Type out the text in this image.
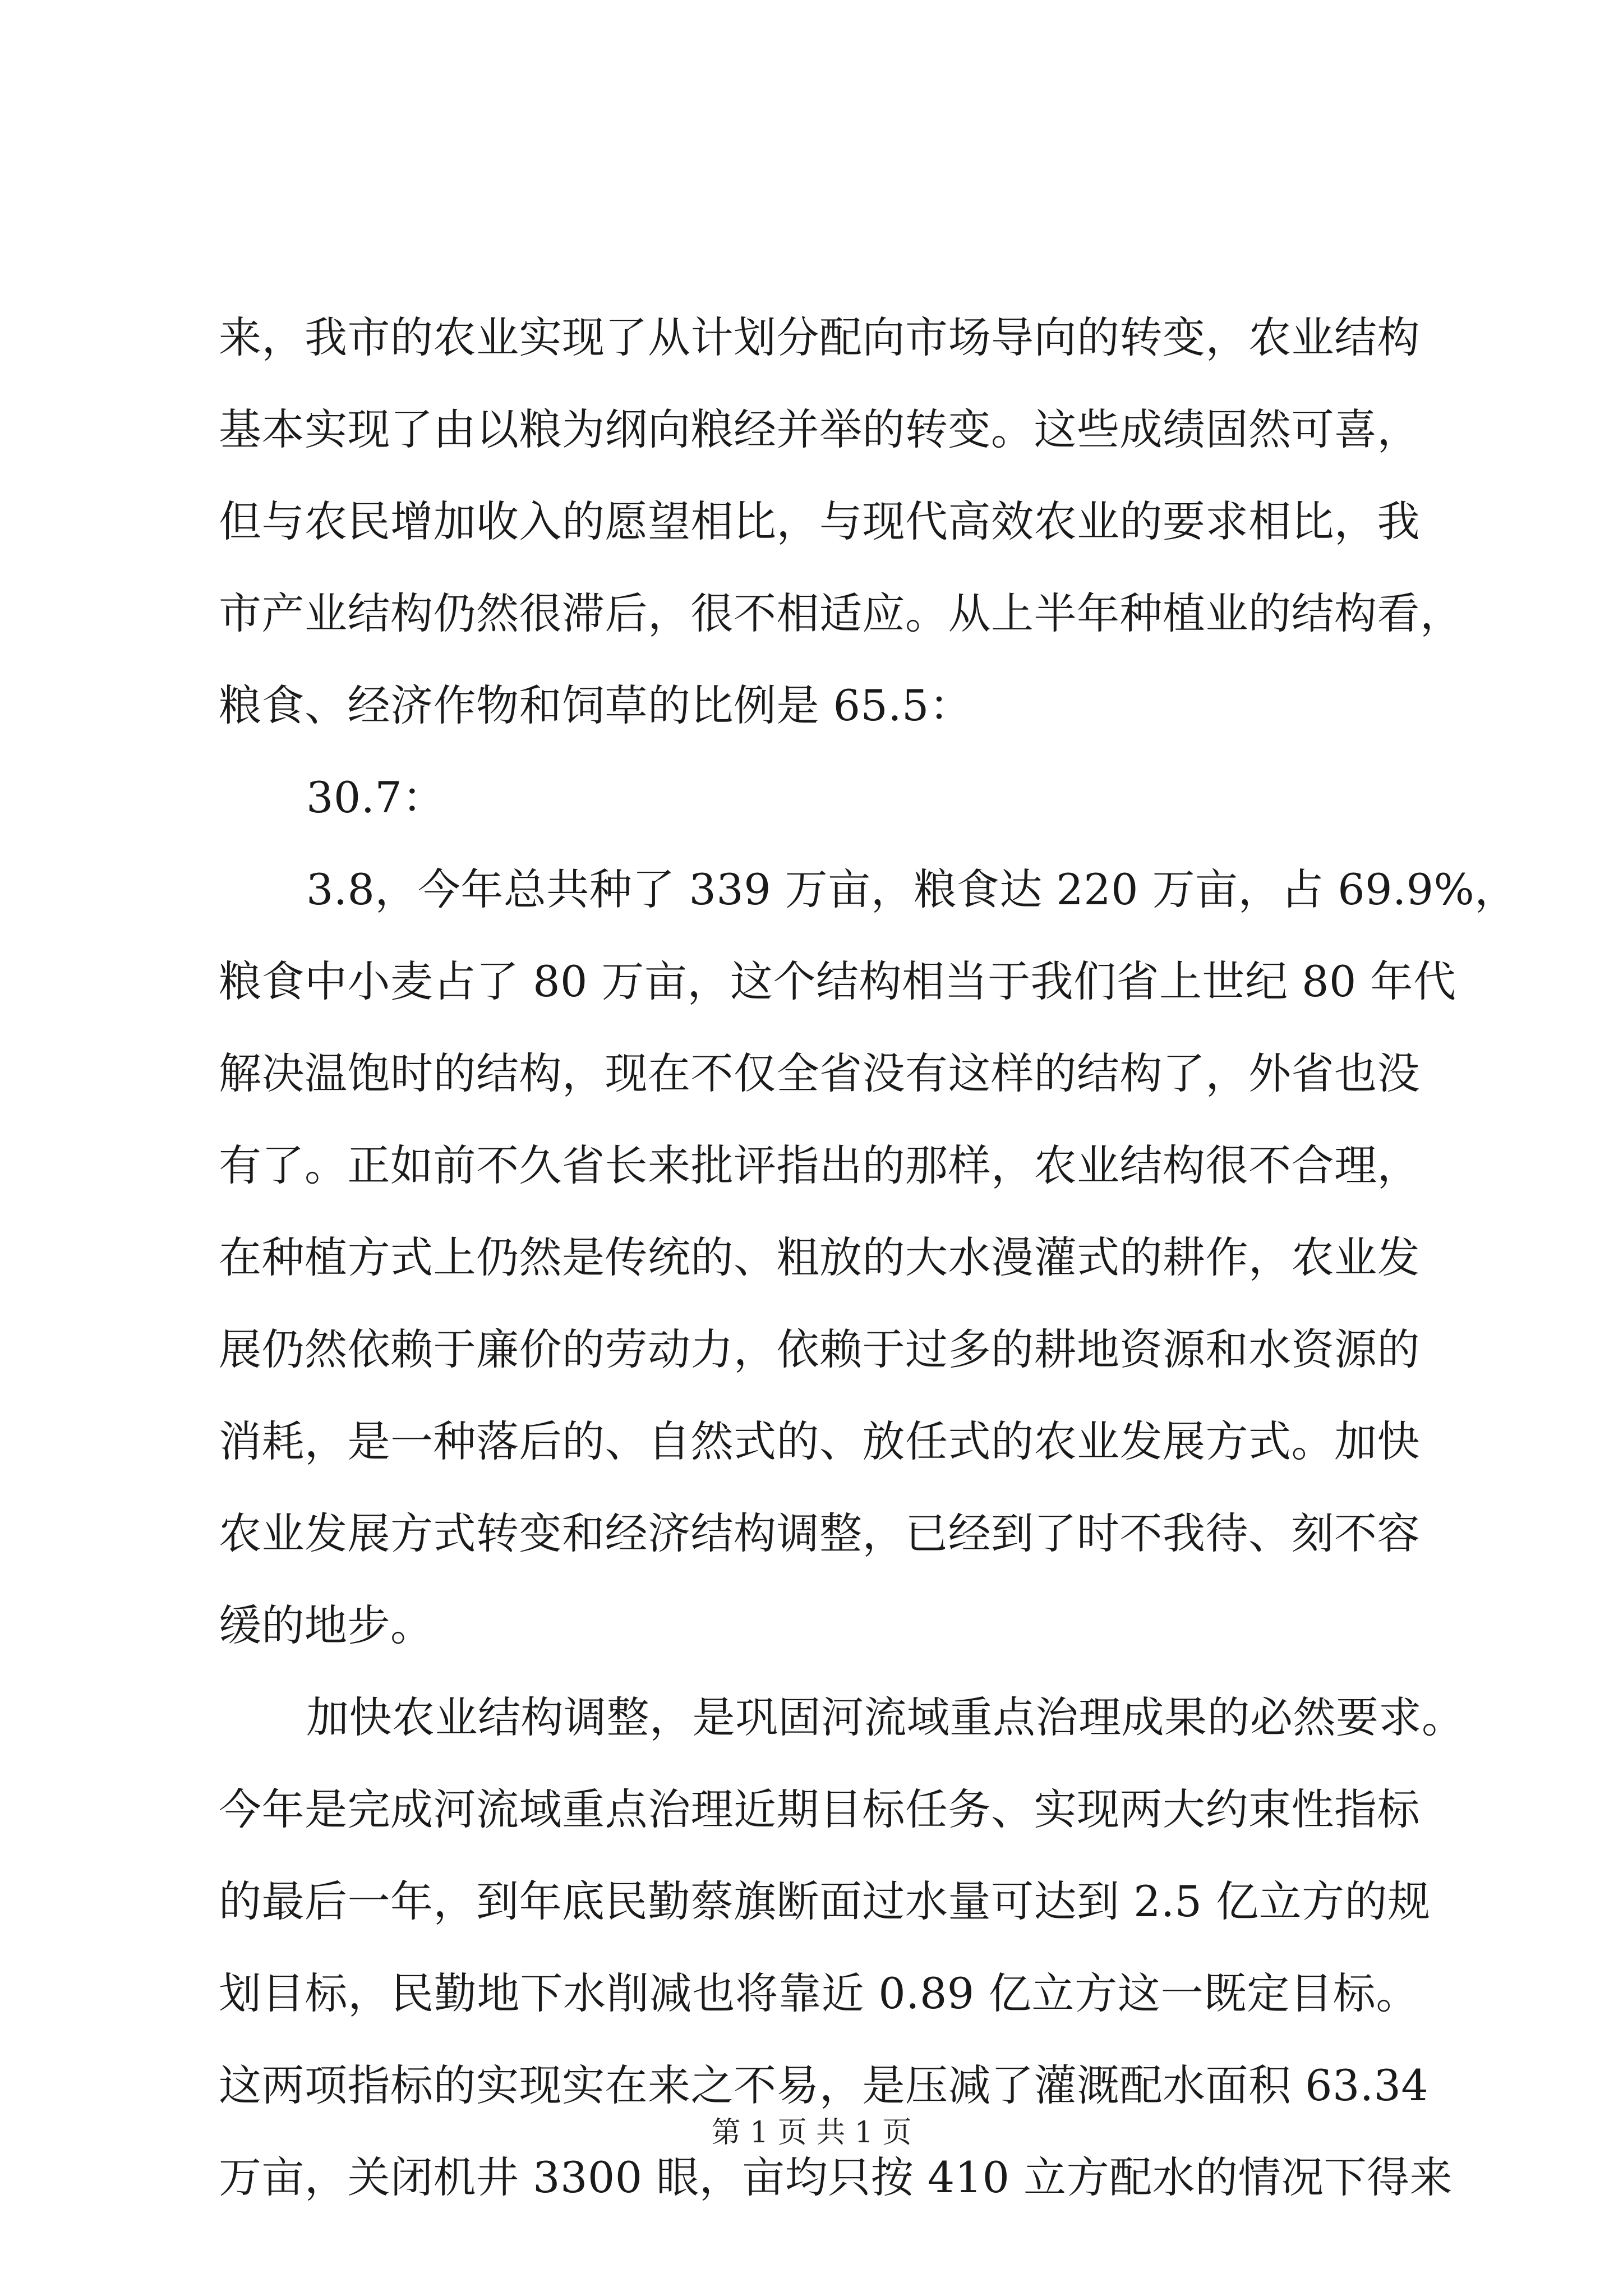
来，我市的农业实现了从计划分配向市场导向的转变，农业结构
基本实现了由以粮为纲向粮经并举的转变。这些成绩固然可喜，
但与农民增加收入的愿望相比，与现代高效农业的要求相比，我
市产业结构仍然很滞后，很不相适应。从上半年种植业的结构看，
粮食、经济作物和饲草的比例是 65.5：
30.7：
3.8，今年总共种了 339 万亩，粮食达 220 万亩，占 69.9%，
粮食中小麦占了 80 万亩，这个结构相当于我们省上世纪 80 年代
解决温饱时的结构，现在不仅全省没有这样的结构了，外省也没
有了。正如前不久省长来批评指出的那样，农业结构很不合理，
在种植方式上仍然是传统的、粗放的大水漫灌式的耕作，农业发
展仍然依赖于廉价的劳动力，依赖于过多的耕地资源和水资源的
消耗，是一种落后的、自然式的、放任式的农业发展方式。加快
农业发展方式转变和经济结构调整，已经到了时不我待、刻不容
缓的地步。
加快农业结构调整，是巩固河流域重点治理成果的必然要求。
今年是完成河流域重点治理近期目标任务、实现两大约束性指标
的最后一年，到年底民勤蔡旗断面过水量可达到 2.5 亿立方的规
划目标，民勤地下水削减也将靠近 0.89 亿立方这一既定目标。
这两项指标的实现实在来之不易，是压减了灌溉配水面积 63.34
万亩，关闭机井 3300 眼，亩均只按 410 立方配水的情况下得来
第 1 页 共 1 页
